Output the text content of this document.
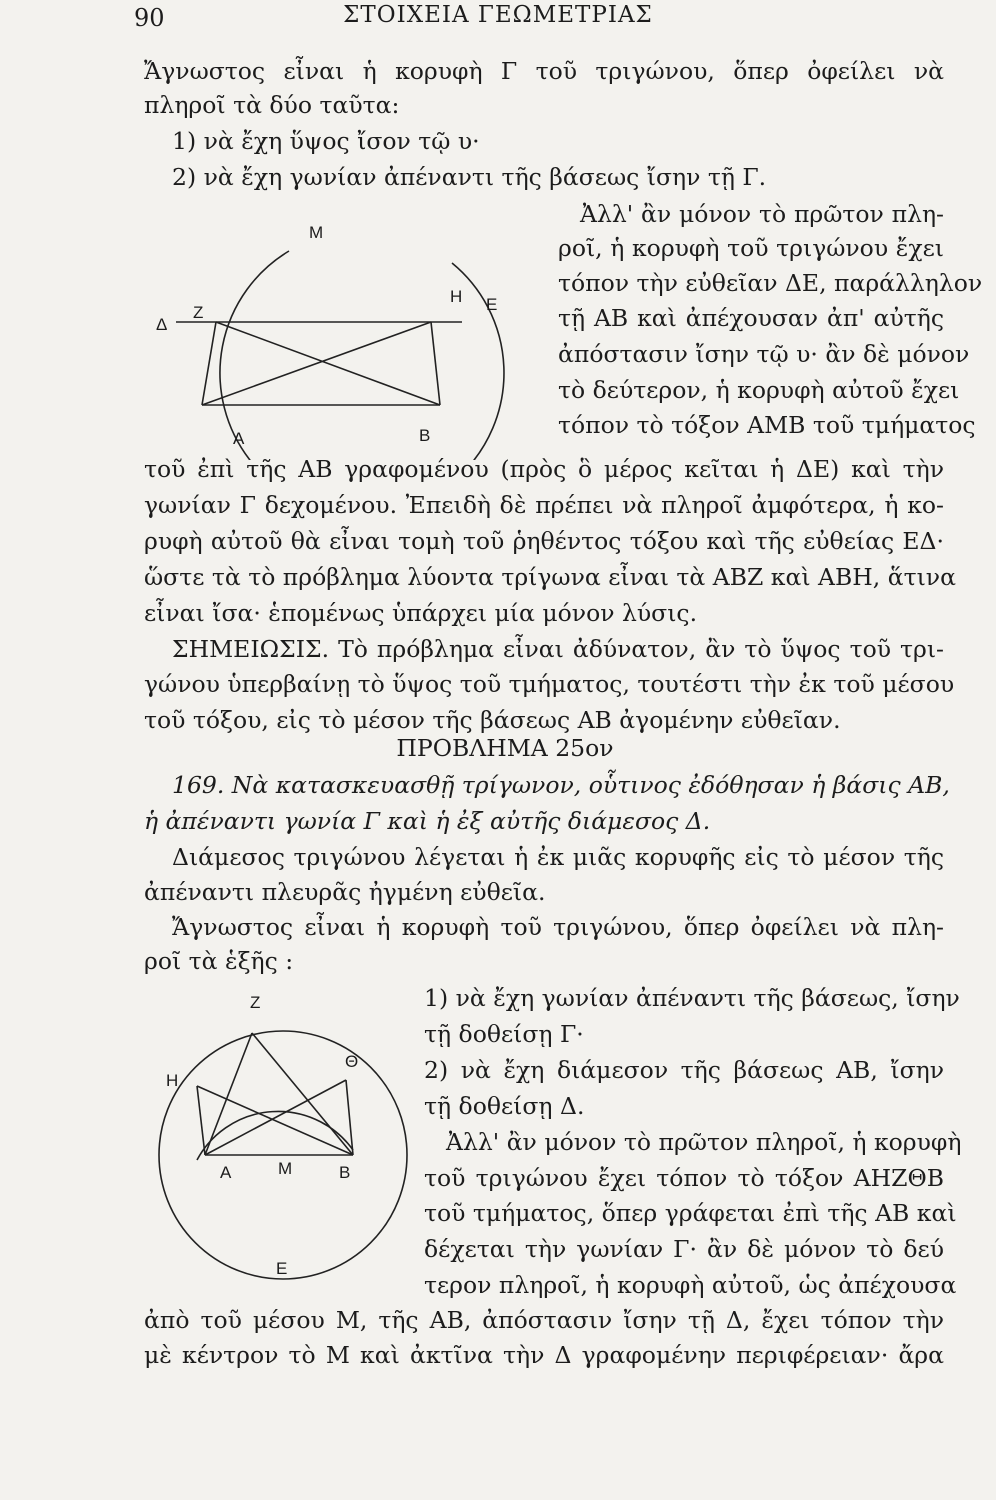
90	ΣΤΟΙΧΕΙΑ ΓΕΩΜΕΤΡΙΑΣ
Ἄγνωστος εἶναι ἡ κορυφὴ Γ τοῦ τριγώνου, ὅπερ ὀφείλει νὰ
πληροῖ τὰ δύο ταῦτα:
1) νὰ ἔχη ὕψος ἴσον τῷ υ·
2) νὰ ἔχη γωνίαν ἀπέναντι τῆς βάσεως ἴσην τῇ Γ.
Ἀλλ' ἂν μόνον τὸ πρῶτον πλη-
ροῖ, ἡ κορυφὴ τοῦ τριγώνου ἔχει
τόπον τὴν εὐθεῖαν ΔΕ, παράλληλον
τῇ ΑΒ καὶ ἀπέχουσαν ἀπ' αὐτῆς
ἀπόστασιν ἴσην τῷ υ· ἂν δὲ μόνον
τὸ δεύτερον, ἡ κορυφὴ αὐτοῦ ἔχει
τόπον τὸ τόξον ΑΜΒ τοῦ τμήματος
τοῦ ἐπὶ τῆς ΑΒ γραφομένου (πρὸς ὃ μέρος κεῖται ἡ ΔΕ) καὶ τὴν
γωνίαν Γ δεχομένου. Ἐπειδὴ δὲ πρέπει νὰ πληροῖ ἀμφότερα, ἡ κο-
ρυφὴ αὐτοῦ θὰ εἶναι τομὴ τοῦ ῥηθέντος τόξου καὶ τῆς εὐθείας ΕΔ·
ὥστε τὰ τὸ πρόβλημα λύοντα τρίγωνα εἶναι τὰ ΑΒΖ καὶ ΑΒΗ, ἅτινα
εἶναι ἴσα· ἑπομένως ὑπάρχει μία μόνον λύσις.
ΣΗΜΕΙΩΣΙΣ. Τὸ πρόβλημα εἶναι ἀδύνατον, ἂν τὸ ὕψος τοῦ τρι-
γώνου ὑπερβαίνῃ τὸ ὕψος τοῦ τμήματος, τουτέστι τὴν ἐκ τοῦ μέσου
τοῦ τόξου, εἰς τὸ μέσον τῆς βάσεως ΑΒ ἀγομένην εὐθεῖαν.
ΠΡΟΒΛΗΜΑ 25ον
169. Νὰ κατασκευασθῇ τρίγωνον, οὗτινος ἐδόθησαν ἡ βάσις ΑΒ,
ἡ ἀπέναντι γωνία Γ καὶ ἡ ἐξ αὐτῆς διάμεσος Δ.
Διάμεσος τριγώνου λέγεται ἡ ἐκ μιᾶς κορυφῆς εἰς τὸ μέσον τῆς
ἀπέναντι πλευρᾶς ἠγμένη εὐθεῖα.
Ἄγνωστος εἶναι ἡ κορυφὴ τοῦ τριγώνου, ὅπερ ὀφείλει νὰ πλη-
ροῖ τὰ ἑξῆς :
1) νὰ ἔχη γωνίαν ἀπέναντι τῆς βάσεως, ἴσην
τῇ δοθείσῃ Γ·
2) νὰ ἔχη διάμεσον τῆς βάσεως ΑΒ, ἴσην
τῇ δοθείσῃ Δ.
Ἀλλ' ἂν μόνον τὸ πρῶτον πληροῖ, ἡ κορυφὴ
τοῦ τριγώνου ἔχει τόπον τὸ τόξον ΑΗΖΘΒ
τοῦ τμήματος, ὅπερ γράφεται ἐπὶ τῆς ΑΒ καὶ
δέχεται τὴν γωνίαν Γ· ἂν δὲ μόνον τὸ δεύ
τερον πληροῖ, ἡ κορυφὴ αὐτοῦ, ὡς ἀπέχουσα
ἀπὸ τοῦ μέσου Μ, τῆς ΑΒ, ἀπόστασιν ἴσην τῇ Δ, ἔχει τόπον τὴν
μὲ κέντρον τὸ Μ καὶ ἀκτῖνα τὴν Δ γραφομένην περιφέρειαν· ἄρα
Μ
Ζ
Η Ε
Δ
Α	Β
Ζ
Η
Θ
Α	Μ	Β
Ε
